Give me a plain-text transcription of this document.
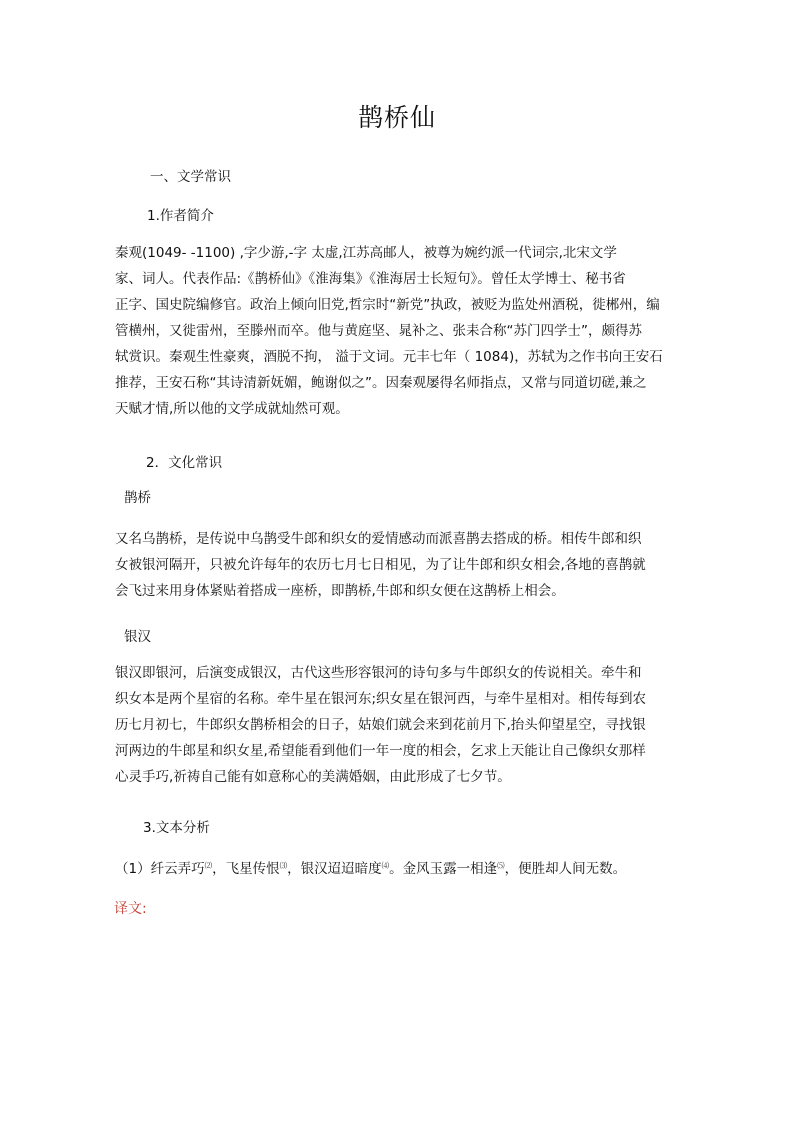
鹊桥仙
一、文学常识
1.作者简介
秦观(1049- -1100) ,字少游,-字 太虚,江苏高邮人，被尊为婉约派一代词宗,北宋文学
家、词人。代表作品:《鹊桥仙》《淮海集》《淮海居士长短句》。曾任太学博士、秘书省
正字、国史院编修官。政治上倾向旧党,哲宗时“新党”执政，被贬为监处州酒税，徙郴州，编
管横州，又徙雷州，至滕州而卒。他与黄庭坚、晁补之、张耒合称“苏门四学士”，颇得苏
轼赏识。秦观生性豪爽，酒脱不拘， 溢于文词。元丰七年（ 1084)，苏轼为之作书向王安石
推荐，王安石称“其诗清新妩媚，鲍谢似之”。因秦观屡得名师指点，又常与同道切磋,兼之
天赋才情,所以他的文学成就灿然可观。
2．文化常识
鹊桥
又名乌鹊桥，是传说中乌鹊受牛郎和织女的爱情感动而派喜鹊去搭成的桥。相传牛郎和织
女被银河隔开，只被允许每年的农历七月七日相见，为了让牛郎和织女相会,各地的喜鹊就
会飞过来用身体紧贴着搭成一座桥，即鹊桥,牛郎和织女便在这鹊桥上相会。
银汉
银汉即银河，后演变成银汉，古代这些形容银河的诗句多与牛郎织女的传说相关。牵牛和
织女本是两个星宿的名称。牵牛星在银河东;织女星在银河西，与牵牛星相对。相传每到农
历七月初七，牛郎织女鹊桥相会的日子，姑娘们就会来到花前月下,抬头仰望星空，寻找银
河两边的牛郎星和织女星,希望能看到他们一年一度的相会，乞求上天能让自己像织女那样
心灵手巧,祈祷自己能有如意称心的美满婚姻，由此形成了七夕节。
3.文本分析
（1）纤云弄巧⑵，飞星传恨⑶，银汉迢迢暗度⑷。金风玉露一相逢⑸，便胜却人间无数。
译文:
